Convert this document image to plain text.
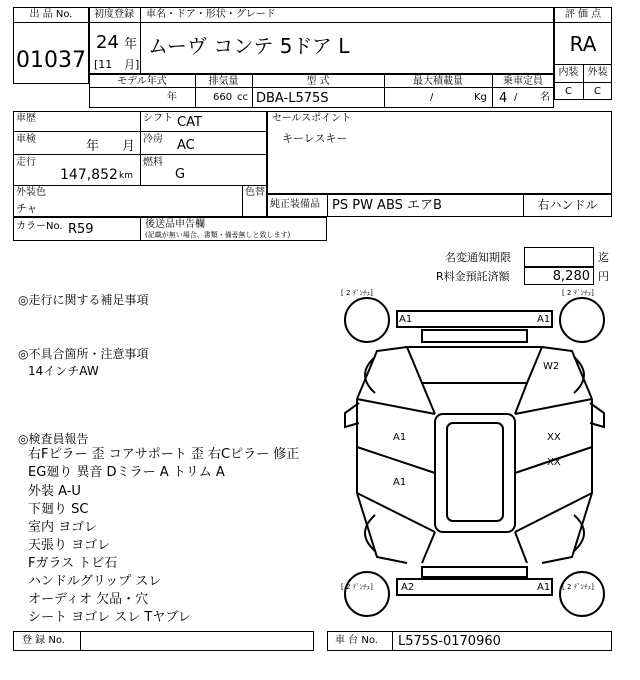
出 品 No.
01037
初度登録 車名・ドア・形状・グレード
24 年
[11 月]
ムーヴ コンテ 5ドア L
評 価 点
RA
内装 外装
C	C
モデル年式	排気量	型 式	最大積載量	乗車定員
年	660 cc DBA-L575S	/	Kg 4 / 名
車歴	シフト CAT
車検	年 月 冷房 AC
走行
147,852 km
燃料
G
外装色
チャ
色替
カラーNo. R59	後送品申告欄
(記載が無い場合、書類・備품無しと致します)
セールスポイント
キーレスキー
純正装備品 PS PW ABS エアB	右ハンドル
名変通知期限	迄
R料金預託済額	8,280 円
◎走行に関する補足事項
◎不具合箇所・注意事項
14インチAW
◎検査員報告
右Fピラー 歪 コアサポート 歪 右Cピラー 修正
EG廻り 異音 Dミラー A トリム A
外装 A-U
下廻り SC
室内 ヨゴレ
天張り ヨゴレ
Fガラス トビ石
ハンドルグリップ スレ
オーディオ 欠品・穴
シート ヨゴレ スレ Tヤブレ
[ 2 ﾃﾞﾝﾁｪ]	[ 2 ﾃﾞﾝﾁｪ]
[ 2 ﾃﾞﾝﾁｪ]	[ 2 ﾃﾞﾝﾁｪ]
A1	A1
W2
A1
A1
XX
XX
A2	A1
登 録 No.	車 台 No. L575S-0170960
